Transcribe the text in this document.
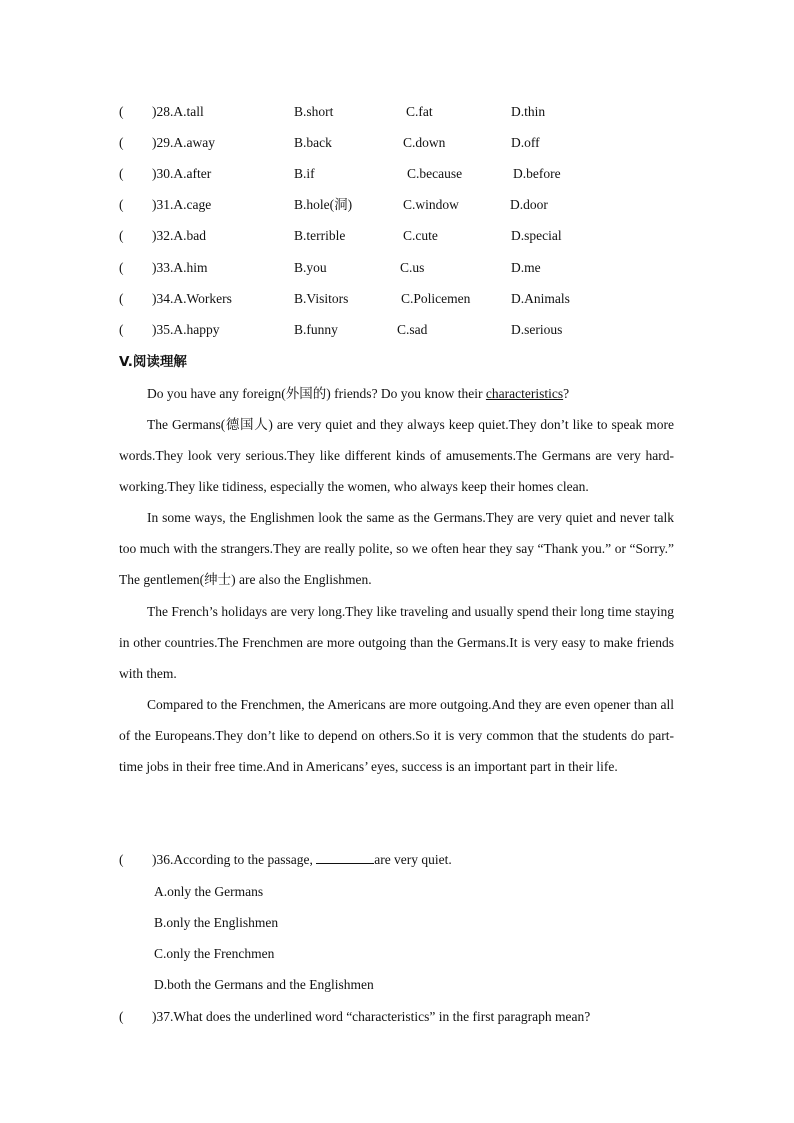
( )28.A.tall	B.short	C.fat	D.thin
( )29.A.away	B.back	C.down	D.off
( )30.A.after	B.if	C.because	D.before
( )31.A.cage	B.hole(洞)	C.window	D.door
( )32.A.bad	B.terrible	C.cute	D.special
( )33.A.him	B.you	C.us	D.me
( )34.A.Workers	B.Visitors	C.Policemen	D.Animals
( )35.A.happy	B.funny	C.sad	D.serious
V.阅读理解

Do you have any foreign(外国的) friends? Do you know their characteristics?

The Germans(德国人) are very quiet and they always keep quiet.They don’t like to speak more words.They look very serious.They like different kinds of amusements.The Germans are very hard-working.They like tidiness, especially the women, who always keep their homes clean.

In some ways, the Englishmen look the same as the Germans.They are very quiet and never talk too much with the strangers.They are really polite, so we often hear they say “Thank you.” or “Sorry.” The gentlemen(绅士) are also the Englishmen.

The French’s holidays are very long.They like traveling and usually spend their long time staying in other countries.The Frenchmen are more outgoing than the Germans.It is very easy to make friends with them.

Compared to the Frenchmen, the Americans are more outgoing.And they are even opener than all of the Europeans.They don’t like to depend on others.So it is very common that the students do part-time jobs in their free time.And in Americans’ eyes, success is an important part in their life.

( )36.According to the passage,	are very quiet.
A.only the Germans
B.only the Englishmen
C.only the Frenchmen
D.both the Germans and the Englishmen
( )37.What does the underlined word “characteristics” in the first paragraph mean?
